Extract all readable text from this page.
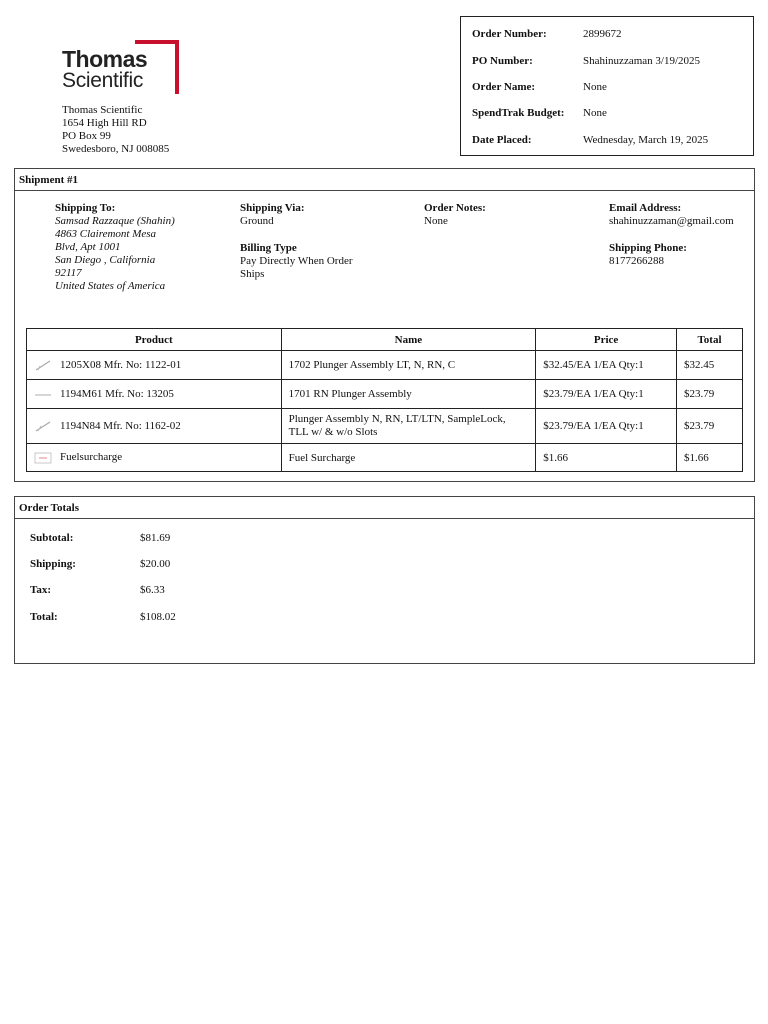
Thomas
Scientific
Thomas Scientific
1654 High Hill RD
PO Box 99
Swedesboro, NJ 008085
Order Number:	2899672
PO Number:	Shahinuzzaman 3/19/2025
Order Name:	None
SpendTrak Budget: None
Date Placed:	Wednesday, March 19, 2025
Shipment #1
Shipping To:
Samsad Razzaque (Shahin)
4863 Clairemont Mesa
Blvd, Apt 1001
San Diego , California
92117
United States of America
Shipping Via:
Ground
Billing Type
Pay Directly When Order
Ships
Order Notes:
None
Email Address:
shahinuzzaman@gmail.com
Shipping Phone:
8177266288
Product	Name	Price	Total
1205X08 Mfr. No: 1122-01	1702 Plunger Assembly LT, N, RN, C	$32.45/EA 1/EA Qty:1	$32.45
1194M61 Mfr. No: 13205	1701 RN Plunger Assembly	$23.79/EA 1/EA Qty:1	$23.79
1194N84 Mfr. No: 1162-02	Plunger Assembly N, RN, LT/LTN, SampleLock,
TLL w/ & w/o Slots	$23.79/EA 1/EA Qty:1	$23.79
Fuelsurcharge	Fuel Surcharge	$1.66	$1.66
Order Totals
Subtotal:	$81.69
Shipping:	$20.00
Tax:	$6.33
Total:	$108.02
